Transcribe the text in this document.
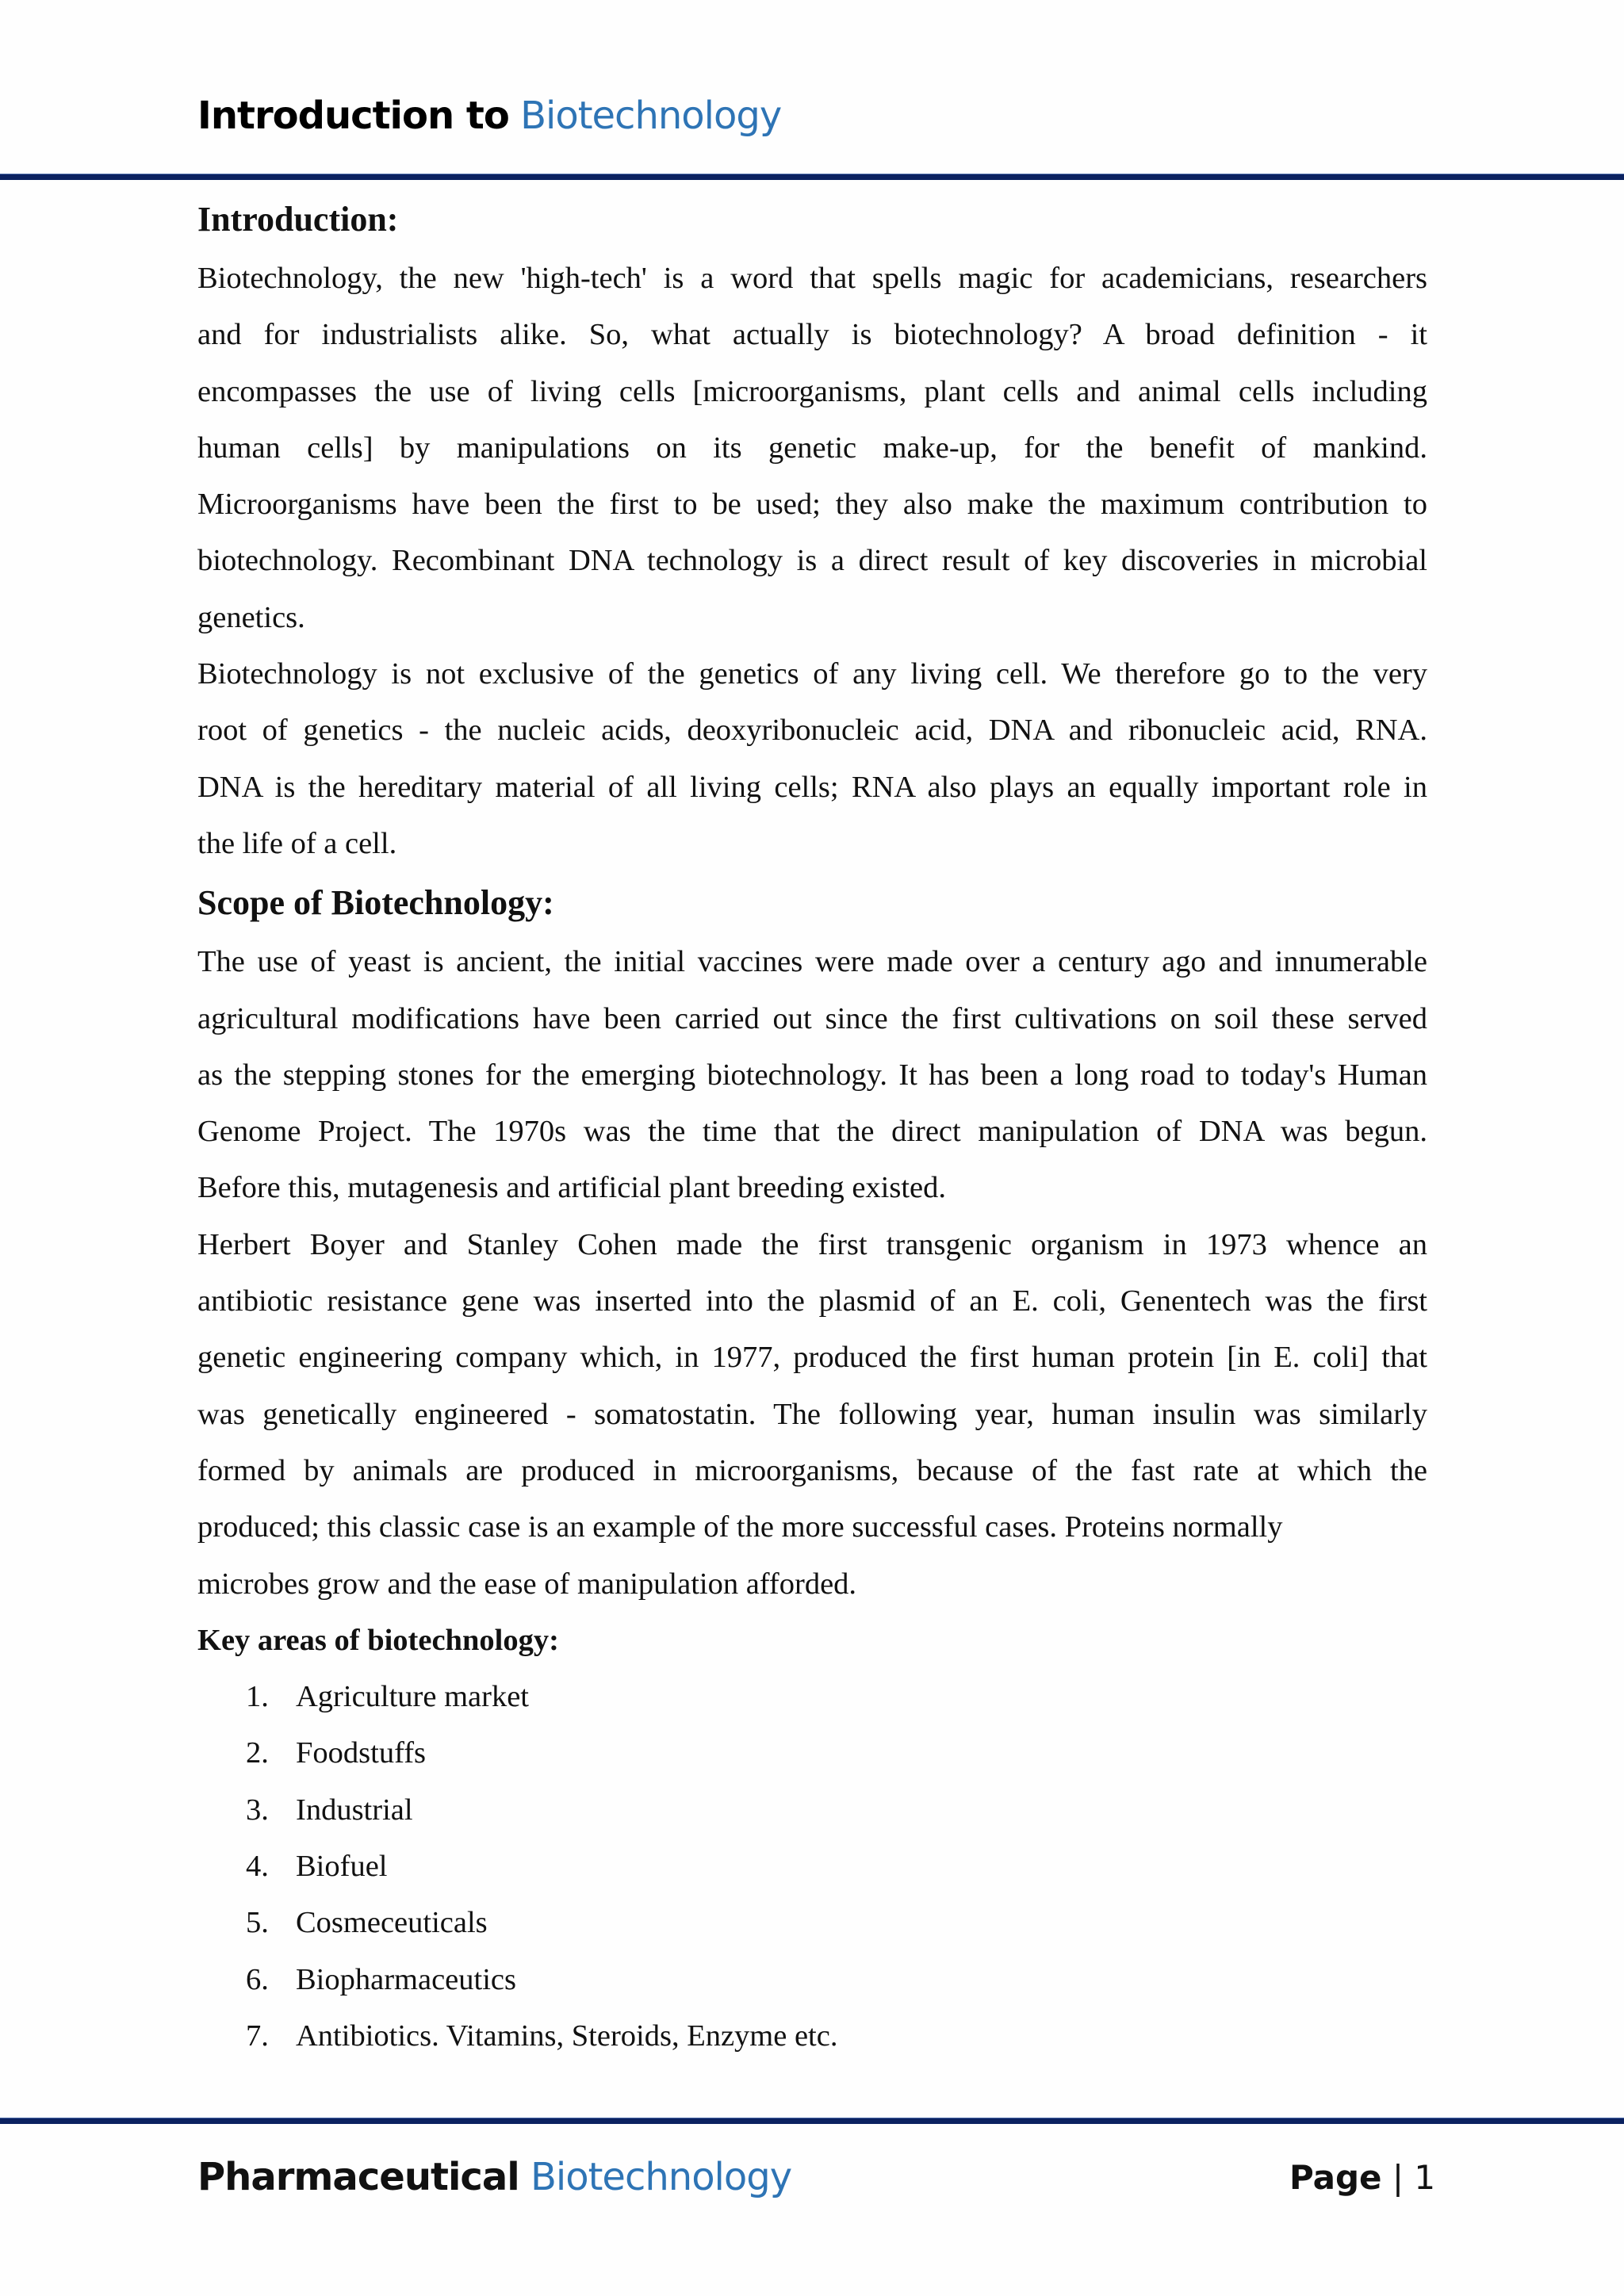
Introduction to Biotechnology
Introduction:
Biotechnology, the new 'high-tech' is a word that spells magic for academicians, researchers
and for industrialists alike. So, what actually is biotechnology? A broad definition - it
encompasses the use of living cells [microorganisms, plant cells and animal cells including
human cells] by manipulations on its genetic make-up, for the benefit of mankind.
Microorganisms have been the first to be used; they also make the maximum contribution to
biotechnology. Recombinant DNA technology is a direct result of key discoveries in microbial
genetics.
Biotechnology is not exclusive of the genetics of any living cell. We therefore go to the very
root of genetics - the nucleic acids, deoxyribonucleic acid, DNA and ribonucleic acid, RNA.
DNA is the hereditary material of all living cells; RNA also plays an equally important role in
the life of a cell.
Scope of Biotechnology:
The use of yeast is ancient, the initial vaccines were made over a century ago and innumerable
agricultural modifications have been carried out since the first cultivations on soil these served
as the stepping stones for the emerging biotechnology. It has been a long road to today's Human
Genome Project. The 1970s was the time that the direct manipulation of DNA was begun.
Before this, mutagenesis and artificial plant breeding existed.
Herbert Boyer and Stanley Cohen made the first transgenic organism in 1973 whence an
antibiotic resistance gene was inserted into the plasmid of an E. coli, Genentech was the first
genetic engineering company which, in 1977, produced the first human protein [in E. coli] that
was genetically engineered - somatostatin. The following year, human insulin was similarly
formed by animals are produced in microorganisms, because of the fast rate at which the
produced; this classic case is an example of the more successful cases. Proteins normally
microbes grow and the ease of manipulation afforded.
Key areas of biotechnology:
1. Agriculture market
2. Foodstuffs
3. Industrial
4. Biofuel
5. Cosmeceuticals
6. Biopharmaceutics
7. Antibiotics. Vitamins, Steroids, Enzyme etc.
Pharmaceutical Biotechnology	Page | 1
